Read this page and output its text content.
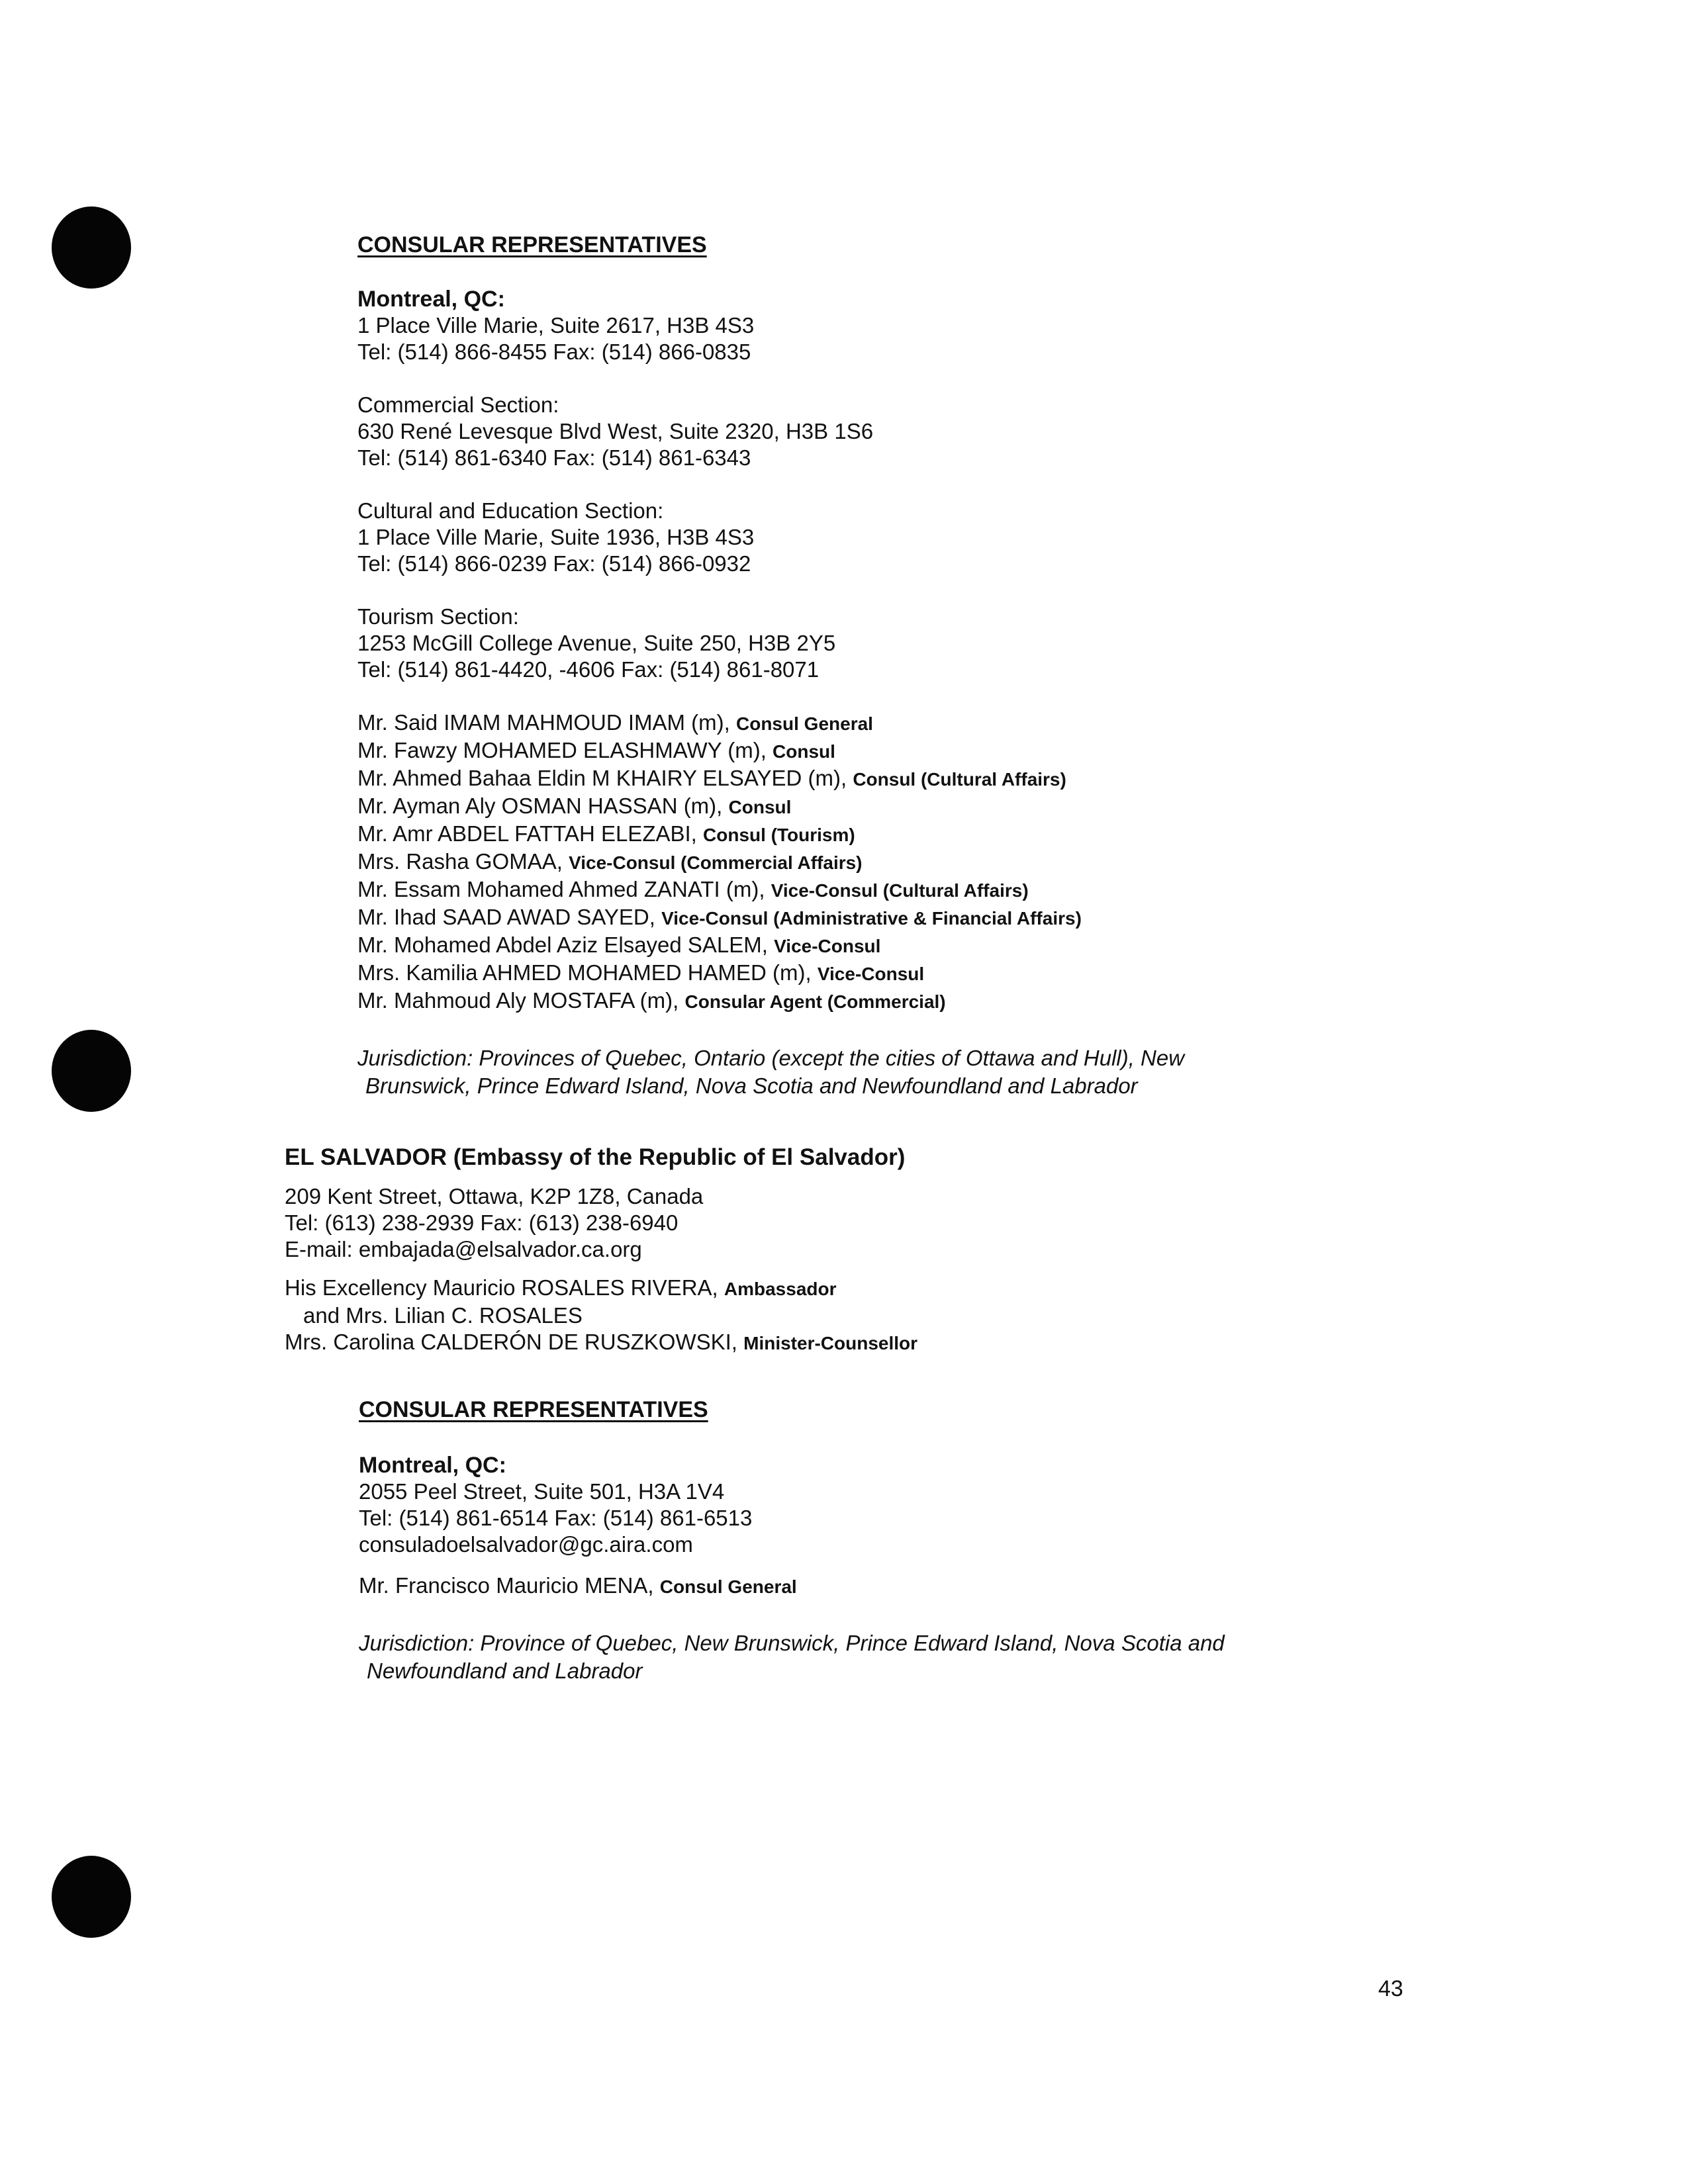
CONSULAR REPRESENTATIVES
Montreal, QC:
1 Place Ville Marie, Suite 2617, H3B 4S3
Tel: (514) 866-8455 Fax: (514) 866-0835
Commercial Section:
630 René Levesque Blvd West, Suite 2320, H3B 1S6
Tel: (514) 861-6340 Fax: (514) 861-6343
Cultural and Education Section:
1 Place Ville Marie, Suite 1936, H3B 4S3
Tel: (514) 866-0239 Fax: (514) 866-0932
Tourism Section:
1253 McGill College Avenue, Suite 250, H3B 2Y5
Tel: (514) 861-4420, -4606 Fax: (514) 861-8071
Mr. Said IMAM MAHMOUD IMAM (m), Consul General
Mr. Fawzy MOHAMED ELASHMAWY (m), Consul
Mr. Ahmed Bahaa Eldin M KHAIRY ELSAYED (m), Consul (Cultural Affairs)
Mr. Ayman Aly OSMAN HASSAN (m), Consul
Mr. Amr ABDEL FATTAH ELEZABI, Consul (Tourism)
Mrs. Rasha GOMAA, Vice-Consul (Commercial Affairs)
Mr. Essam Mohamed Ahmed ZANATI (m), Vice-Consul (Cultural Affairs)
Mr. Ihad SAAD AWAD SAYED, Vice-Consul (Administrative & Financial Affairs)
Mr. Mohamed Abdel Aziz Elsayed SALEM, Vice-Consul
Mrs. Kamilia AHMED MOHAMED HAMED (m), Vice-Consul
Mr. Mahmoud Aly MOSTAFA (m), Consular Agent (Commercial)
Jurisdiction: Provinces of Quebec, Ontario (except the cities of Ottawa and Hull), New
Brunswick, Prince Edward Island, Nova Scotia and Newfoundland and Labrador
EL SALVADOR (Embassy of the Republic of El Salvador)
209 Kent Street, Ottawa, K2P 1Z8, Canada
Tel: (613) 238-2939 Fax: (613) 238-6940
E-mail: embajada@elsalvador.ca.org
His Excellency Mauricio ROSALES RIVERA, Ambassador
and Mrs. Lilian C. ROSALES
Mrs. Carolina CALDERÓN DE RUSZKOWSKI, Minister-Counsellor
CONSULAR REPRESENTATIVES
Montreal, QC:
2055 Peel Street, Suite 501, H3A 1V4
Tel: (514) 861-6514 Fax: (514) 861-6513
consuladoelsalvador@gc.aira.com
Mr. Francisco Mauricio MENA, Consul General
Jurisdiction: Province of Quebec, New Brunswick, Prince Edward Island, Nova Scotia and
Newfoundland and Labrador
43
